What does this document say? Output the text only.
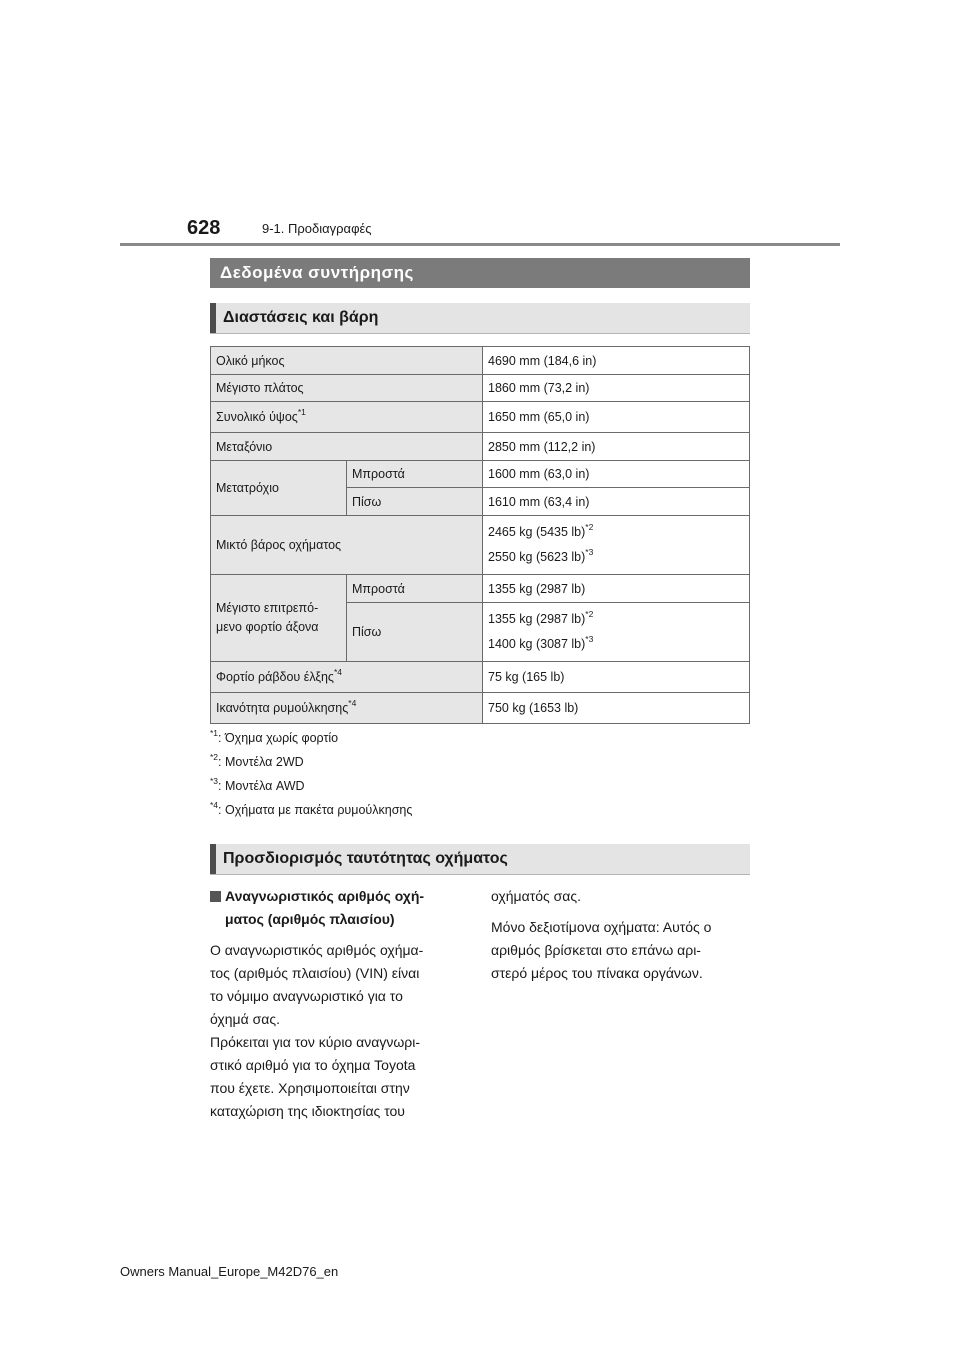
628	9-1. Προδιαγραφές
Δεδομένα συντήρησης
Διαστάσεις και βάρη
Ολικό μήκος		4690 mm (184,6 in)
Μέγιστο πλάτος		1860 mm (73,2 in)
Συνολικό ύψος$^{*1}$		1650 mm (65,0 in)
Μεταξόνιο		2850 mm (112,2 in)
Μετατρόχιο	Μπροστά	1600 mm (63,0 in)
	Πίσω	1610 mm (63,4 in)
Μικτό βάρος οχήματος		2465 kg (5435 lb)$^{*2}$
2550 kg (5623 lb)$^{*3}$

Μέγιστο επιτρεπό-
μενο φορτίο άξονα	Μπροστά	1355 kg (2987 lb)
	Πίσω	1355 kg (2987 lb)$^{*2}$
1400 kg (3087 lb)$^{*3}$

Φορτίο ράβδου έλξης$^{*4}$		75 kg (165 lb)
Ικανότητα ρυμούλκησης$^{*4}$		750 kg (1653 lb)
$^{*1}$: Όχημα χωρίς φορτίο
$^{*2}$: Μοντέλα 2WD
$^{*3}$: Μοντέλα AWD
$^{*4}$: Οχήματα με πακέτα ρυμούλκησης
Προσδιορισμός ταυτότητας οχήματος
Αναγνωριστικός αριθμός οχή-
ματος (αριθμός πλαισίου)
Ο αναγνωριστικός αριθμός οχήμα-
τος (αριθμός πλαισίου) (VIN) είναι
το νόμιμο αναγνωριστικό για το
όχημά σας.
Πρόκειται για τον κύριο αναγνωρι-
στικό αριθμό για το όχημα Toyota
που έχετε. Χρησιμοποιείται στην
καταχώριση της ιδιοκτησίας του
οχήματός σας.
Μόνο δεξιοτίμονα οχήματα: Αυτός ο
αριθμός βρίσκεται στο επάνω αρι-
στερό μέρος του πίνακα οργάνων.
Owners Manual_Europe_M42D76_en
